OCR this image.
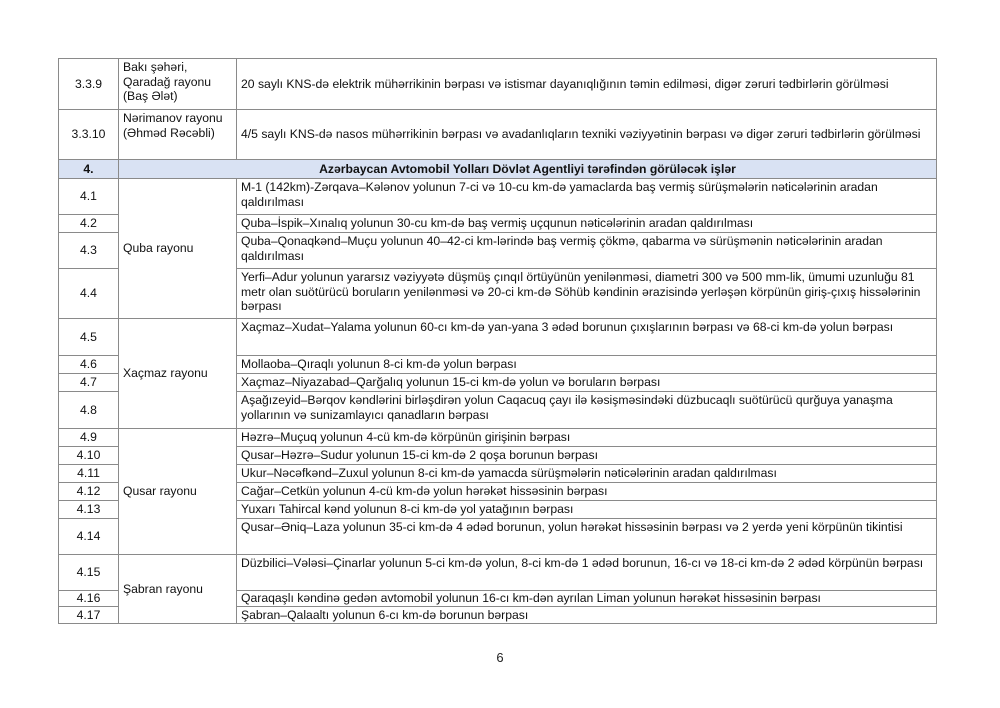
3.3.9	Bakı şəhəri, Qaradağ rayonu (Baş Ələt)	20 saylı KNS-də elektrik mühərrikinin bərpası və istismar dayanıqlığının təmin edilməsi, digər zəruri tədbirlərin görülməsi
3.3.10	Nərimanov rayonu (Əhməd Rəcəbli)	4/5 saylı KNS-də nasos mühərrikinin bərpası və avadanlıqların texniki vəziyyətinin bərpası və digər zəruri tədbirlərin görülməsi
4.	Azərbaycan Avtomobil Yolları Dövlət Agentliyi tərəfindən görüləcək işlər	
4.1	Quba rayonu	M-1 (142km)-Zərqava–Kələnov yolunun 7-ci və 10-cu km-də yamaclarda baş vermiş sürüşmələrin nəticələrinin aradan qaldırılması
4.2		Quba–İspik–Xınalıq yolunun 30-cu km-də baş vermiş uçqunun nəticələrinin aradan qaldırılması
4.3		Quba–Qonaqkənd–Muçu yolunun 40–42-ci km-lərində baş vermiş çökmə, qabarma və sürüşmənin nəticələrinin aradan qaldırılması
4.4		Yerfi–Adur yolunun yararsız vəziyyətə düşmüş çınqıl örtüyünün yenilənməsi, diametri 300 və 500 mm-lik, ümumi uzunluğu 81 metr olan suötürücü boruların yenilənməsi və 20-ci km-də Söhüb kəndinin ərazisində yerləşən körpünün giriş-çıxış hissələrinin bərpası
4.5	Xaçmaz rayonu	Xaçmaz–Xudat–Yalama yolunun 60-cı km-də yan-yana 3 ədəd borunun çıxışlarının bərpası və 68-ci km-də yolun bərpası
4.6		Mollaoba–Qıraqlı yolunun 8-ci km-də yolun bərpası
4.7		Xaçmaz–Niyazabad–Qarğalıq yolunun 15-ci km-də yolun və boruların bərpası
4.8		Aşağızeyid–Bərqov kəndlərini birləşdirən yolun Caqacuq çayı ilə kəsişməsindəki düzbucaqlı suötürücü qurğuya yanaşma yollarının və sunizamlayıcı qanadların bərpası
4.9	Qusar rayonu	Həzrə–Muçuq yolunun 4-cü km-də körpünün girişinin bərpası
4.10		Qusar–Həzrə–Sudur yolunun 15-ci km-də 2 qoşa borunun bərpası
4.11		Ukur–Nəcəfkənd–Zuxul yolunun 8-ci km-də yamacda sürüşmələrin nəticələrinin aradan qaldırılması
4.12		Cağar–Cetkün yolunun 4-cü km-də yolun hərəkət hissəsinin bərpası
4.13		Yuxarı Tahircal kənd yolunun 8-ci km-də yol yatağının bərpası
4.14		Qusar–Əniq–Laza yolunun 35-ci km-də 4 ədəd borunun, yolun hərəkət hissəsinin bərpası və 2 yerdə yeni körpünün tikintisi
4.15	Şabran rayonu	Düzbilici–Vələsi–Çinarlar yolunun 5-ci km-də yolun, 8-ci km-də 1 ədəd borunun, 16-cı və 18-ci km-də 2 ədəd körpünün bərpası
4.16		Qaraqaşlı kəndinə gedən avtomobil yolunun 16-cı km-dən ayrılan Liman yolunun hərəkət hissəsinin bərpası
4.17		Şabran–Qalaaltı yolunun 6-cı km-də borunun bərpası
6
